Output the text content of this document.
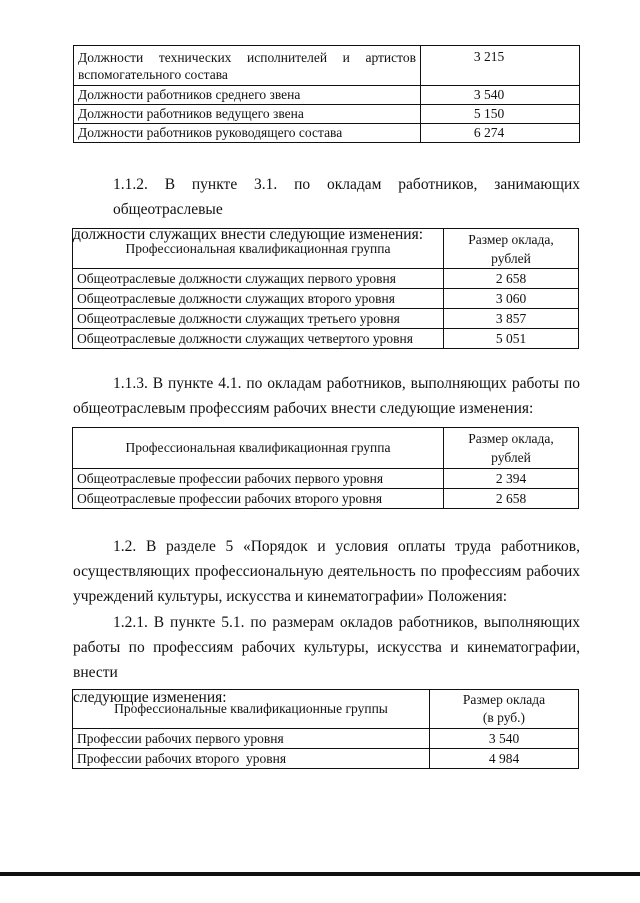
Должности технических исполнителей и артистов
вспомогательного состава	3 215
Должности работников среднего звена	3 540
Должности работников ведущего звена	5 150
Должности работников руководящего состава	6 274
1.1.2. В пункте 3.1. по окладам работников, занимающих общеотраслевые
должности служащих внести следующие изменения:
Профессиональная квалификационная группа	Размер оклада,
рублей

Общеотраслевые должности служащих первого уровня	2 658
Общеотраслевые должности служащих второго уровня	3 060
Общеотраслевые должности служащих третьего уровня	3 857
Общеотраслевые должности служащих четвертого уровня	5 051
1.1.3. В пункте 4.1. по окладам работников, выполняющих работы по
общеотраслевым профессиям рабочих внести следующие изменения:
Профессиональная квалификационная группа	Размер оклада,
рублей

Общеотраслевые профессии рабочих первого уровня	2 394
Общеотраслевые профессии рабочих второго уровня	2 658
1.2. В разделе 5 «Порядок и условия оплаты труда работников,
осуществляющих профессиональную деятельность по профессиям рабочих
учреждений культуры, искусства и кинематографии» Положения:
1.2.1. В пункте 5.1. по размерам окладов работников, выполняющих
работы по профессиям рабочих культуры, искусства и кинематографии, внести
следующие изменения:
Профессиональные квалификационные группы	Размер оклада
(в руб.)

Профессии рабочих первого уровня	3 540
Профессии рабочих второго  уровня	4 984
